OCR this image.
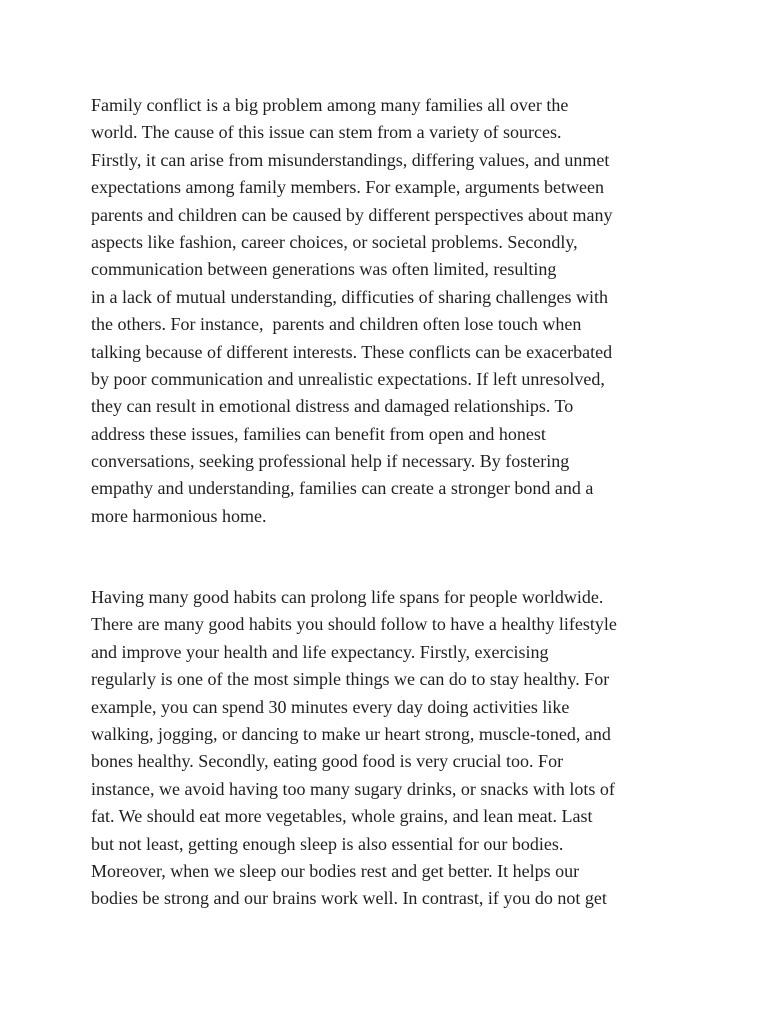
Family conflict is a big problem among many families all over the
world. The cause of this issue can stem from a variety of sources.
Firstly, it can arise from misunderstandings, differing values, and unmet
expectations among family members. For example, arguments between
parents and children can be caused by different perspectives about many
aspects like fashion, career choices, or societal problems. Secondly,
communication between generations was often limited, resulting
in a lack of mutual understanding, difficuties of sharing challenges with
the others. For instance,  parents and children often lose touch when
talking because of different interests. These conflicts can be exacerbated
by poor communication and unrealistic expectations. If left unresolved,
they can result in emotional distress and damaged relationships. To
address these issues, families can benefit from open and honest
conversations, seeking professional help if necessary. By fostering
empathy and understanding, families can create a stronger bond and a
more harmonious home.
Having many good habits can prolong life spans for people worldwide.
There are many good habits you should follow to have a healthy lifestyle
and improve your health and life expectancy. Firstly, exercising
regularly is one of the most simple things we can do to stay healthy. For
example, you can spend 30 minutes every day doing activities like
walking, jogging, or dancing to make ur heart strong, muscle-toned, and
bones healthy. Secondly, eating good food is very crucial too. For
instance, we avoid having too many sugary drinks, or snacks with lots of
fat. We should eat more vegetables, whole grains, and lean meat. Last
but not least, getting enough sleep is also essential for our bodies.
Moreover, when we sleep our bodies rest and get better. It helps our
bodies be strong and our brains work well. In contrast, if you do not get
